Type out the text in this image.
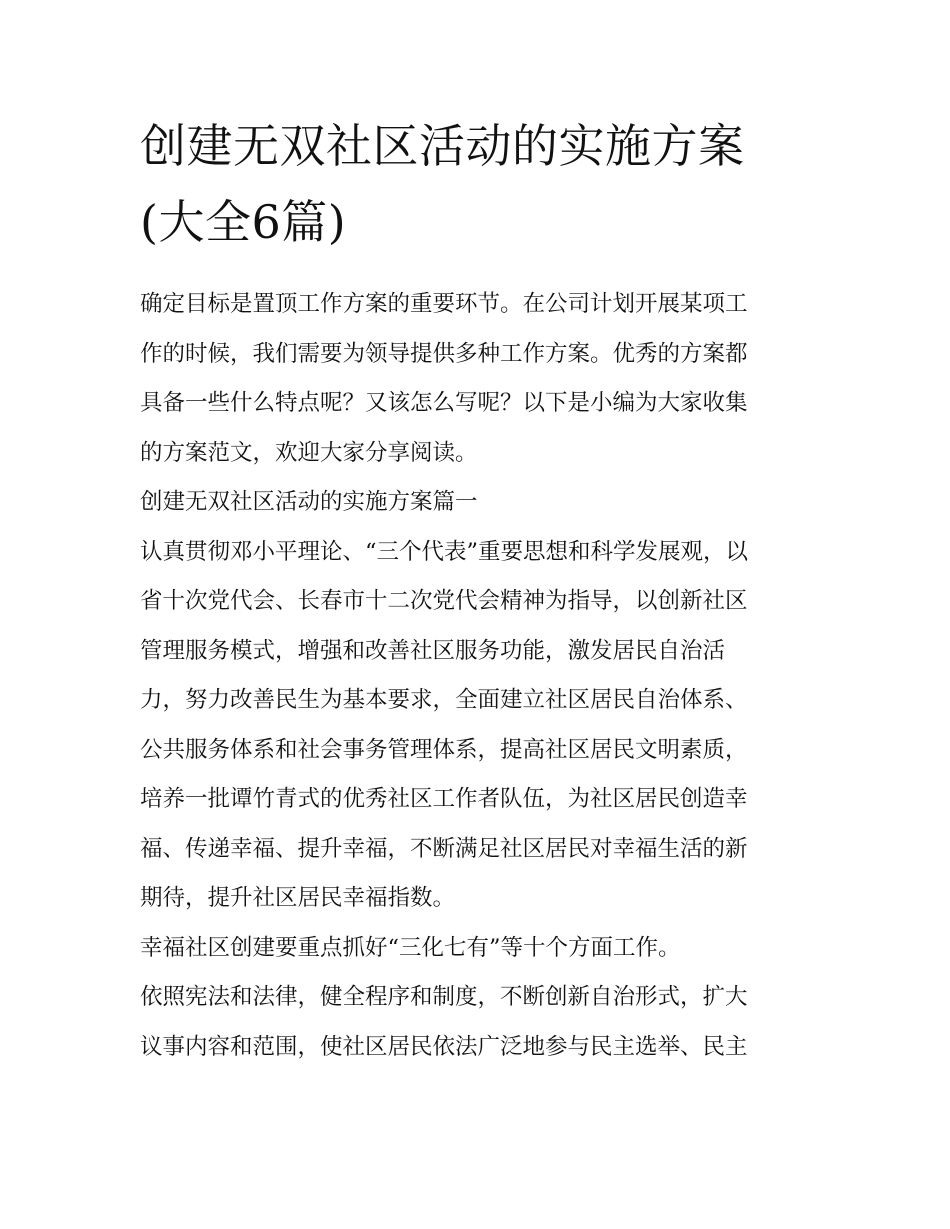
创建无双社区活动的实施方案
(大全6篇)
确定目标是置顶工作方案的重要环节。在公司计划开展某项工
作的时候，我们需要为领导提供多种工作方案。优秀的方案都
具备一些什么特点呢？又该怎么写呢？以下是小编为大家收集
的方案范文，欢迎大家分享阅读。
创建无双社区活动的实施方案篇一
认真贯彻邓小平理论、“三个代表”重要思想和科学发展观，以
省十次党代会、长春市十二次党代会精神为指导，以创新社区
管理服务模式，增强和改善社区服务功能，激发居民自治活
力，努力改善民生为基本要求，全面建立社区居民自治体系、
公共服务体系和社会事务管理体系，提高社区居民文明素质，
培养一批谭竹青式的优秀社区工作者队伍，为社区居民创造幸
福、传递幸福、提升幸福，不断满足社区居民对幸福生活的新
期待，提升社区居民幸福指数。
幸福社区创建要重点抓好“三化七有”等十个方面工作。
依照宪法和法律，健全程序和制度，不断创新自治形式，扩大
议事内容和范围，使社区居民依法广泛地参与民主选举、民主
